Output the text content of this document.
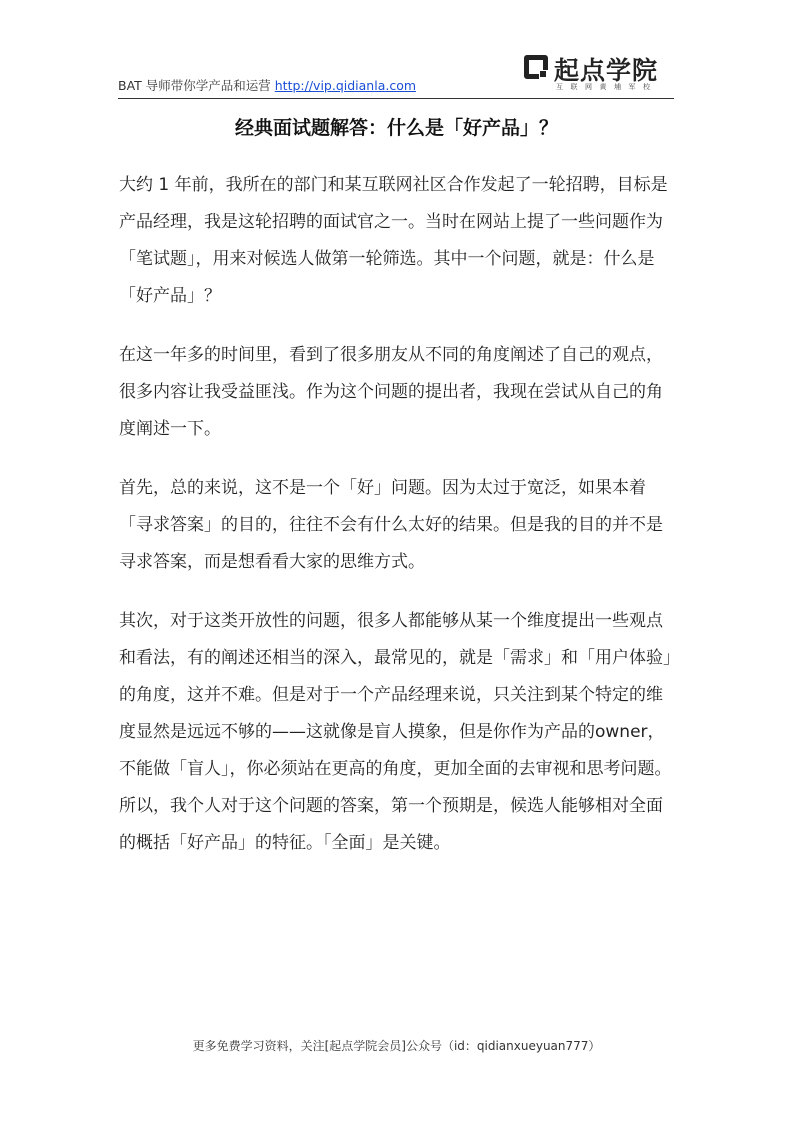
BAT 导师带你学产品和运营 http://vip.qidianla.com
起点学院
互联网黄埔军校
经典面试题解答：什么是「好产品」？

大约 1 年前，我所在的部门和某互联网社区合作发起了一轮招聘，目标是产品经理，我是这轮招聘的面试官之一。当时在网站上提了一些问题作为「笔试题」，用来对候选人做第一轮筛选。其中一个问题，就是：什么是「好产品」？

在这一年多的时间里，看到了很多朋友从不同的角度阐述了自己的观点，很多内容让我受益匪浅。作为这个问题的提出者，我现在尝试从自己的角度阐述一下。

首先，总的来说，这不是一个「好」问题。因为太过于宽泛，如果本着「寻求答案」的目的，往往不会有什么太好的结果。但是我的目的并不是寻求答案，而是想看看大家的思维方式。

其次，对于这类开放性的问题，很多人都能够从某一个维度提出一些观点和看法，有的阐述还相当的深入，最常见的，就是「需求」和「用户体验」的角度，这并不难。但是对于一个产品经理来说，只关注到某个特定的维度显然是远远不够的——这就像是盲人摸象，但是你作为产品的owner，不能做「盲人」，你必须站在更高的角度，更加全面的去审视和思考问题。所以，我个人对于这个问题的答案，第一个预期是，候选人能够相对全面的概括「好产品」的特征。「全面」是关键。

更多免费学习资料，关注[起点学院会员]公众号（id：qidianxueyuan777）
